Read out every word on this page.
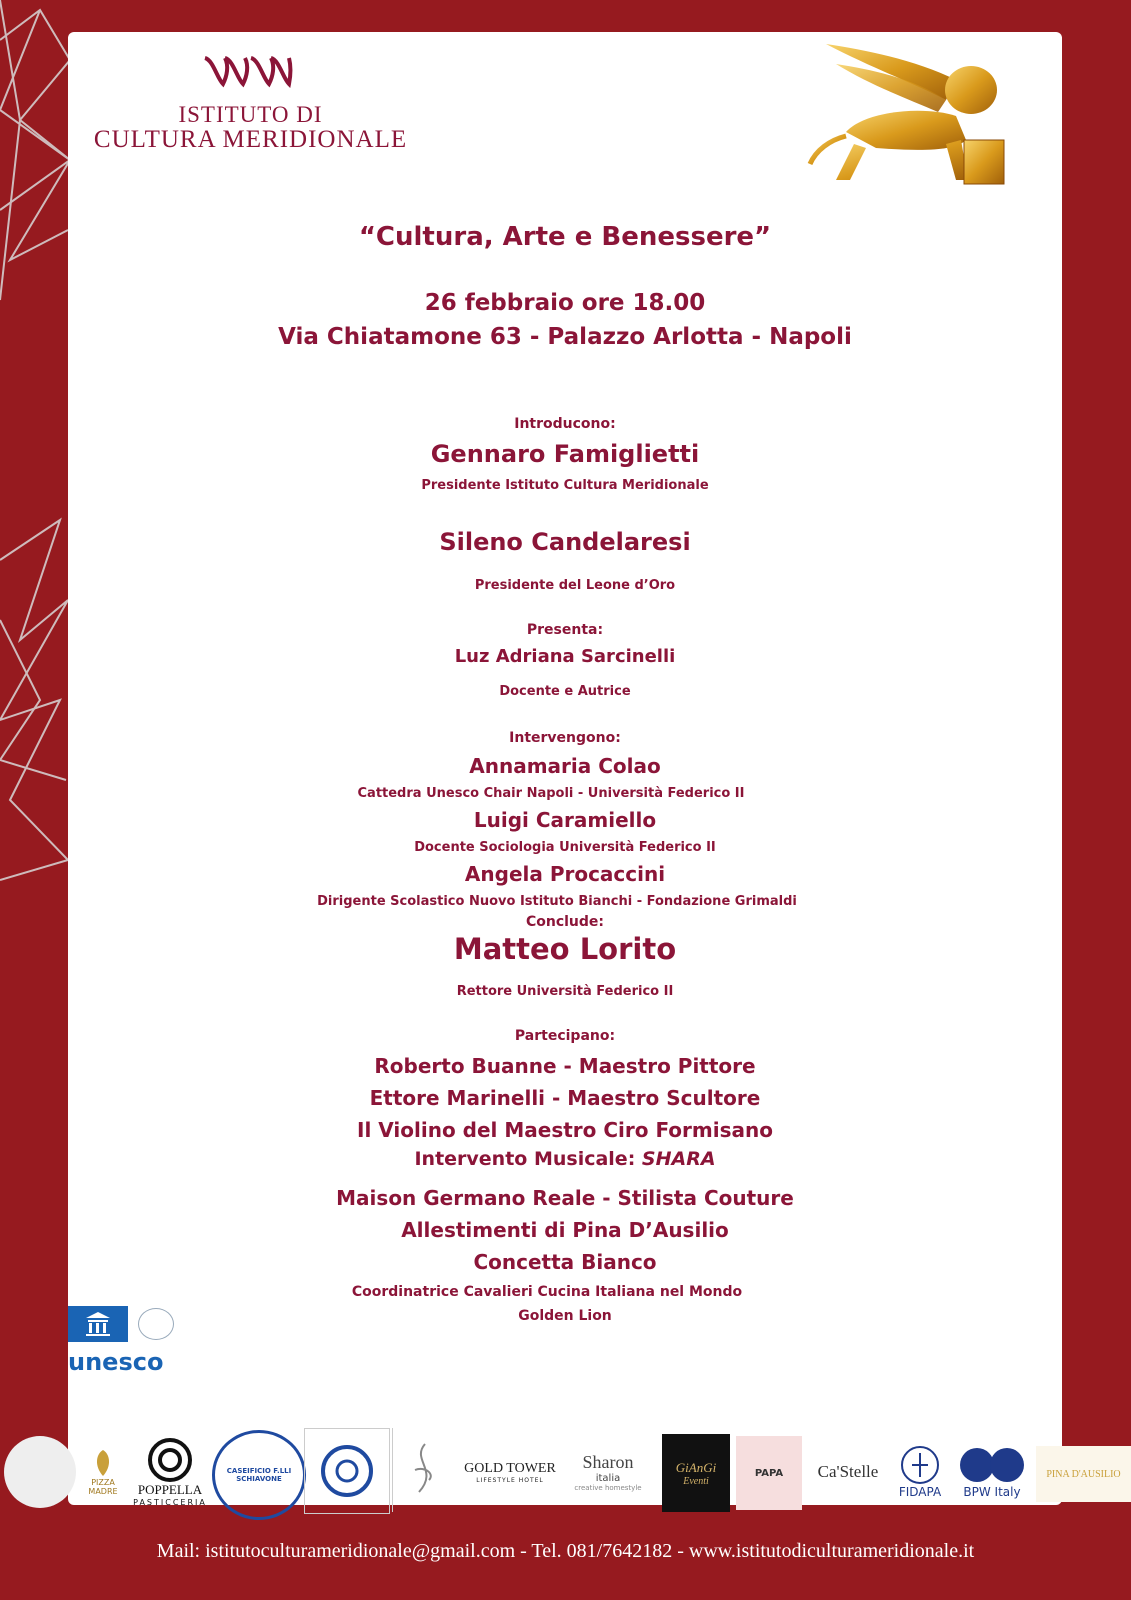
ISTITUTO DI
CULTURA MERIDIONALE
“Cultura, Arte e Benessere”
26 febbraio ore 18.00
Via Chiatamone 63 - Palazzo Arlotta - Napoli
Introducono:
Gennaro Famiglietti
Presidente Istituto Cultura Meridionale
Sileno Candelaresi
Presidente del Leone d’Oro
Presenta:
Luz Adriana Sarcinelli
Docente e Autrice
Intervengono:
Annamaria Colao
Cattedra Unesco Chair Napoli - Università Federico II
Luigi Caramiello
Docente Sociologia Università Federico II
Angela Procaccini
Dirigente Scolastico Nuovo Istituto Bianchi - Fondazione Grimaldi
Conclude:
Matteo Lorito
Rettore Università Federico II
Partecipano:
Roberto Buanne - Maestro Pittore
Ettore Marinelli - Maestro Scultore
Il Violino del Maestro Ciro Formisano
Intervento Musicale: SHARA
Maison Germano Reale - Stilista Couture
Allestimenti di Pina D’Ausilio
Concetta Bianco
Coordinatrice Cavalieri Cucina Italiana nel Mondo
Golden Lion
unesco
PIZZA MADRE	POPPELLA
PASTICCERIA
CASEIFICIO F.LLI SCHIAVONE
GOLD TOWER
LIFESTYLE HOTEL
Sharon
italia
creative homestyle
GiAnGi
Eventi
PAPA Ca'Stelle
FIDAPA BPW Italy
PINA D'AUSILIO
Mail: istitutoculturameridionale@gmail.com - Tel. 081/7642182 - www.istitutodiculturameridionale.it
